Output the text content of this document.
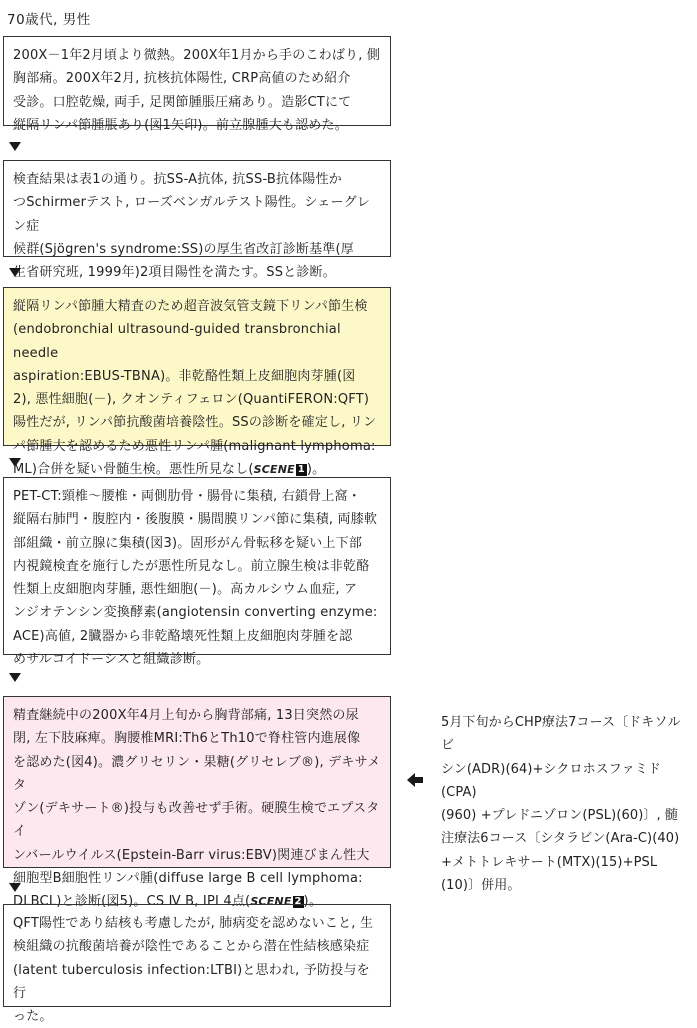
70歳代, 男性

200X－1年2月頃より微熱。200X年1月から手のこわばり, 側
胸部痛。200X年2月, 抗核抗体陽性, CRP高値のため紹介
受診。口腔乾燥, 両手, 足関節腫脹圧痛あり。造影CTにて
縦隔リンパ節腫脹あり(図1矢印)。前立腺腫大も認めた。

検査結果は表1の通り。抗SS-A抗体, 抗SS-B抗体陽性か
つSchirmerテスト, ローズベンガルテスト陽性。シェーグレン症
候群(Sjögren's syndrome:SS)の厚生省改訂診断基準(厚
生省研究班, 1999年)2項目陽性を満たす。SSと診断。

縦隔リンパ節腫大精査のため超音波気管支鏡下リンパ節生検
(endobronchial ultrasound-guided transbronchial needle
aspiration:EBUS-TBNA)。非乾酪性類上皮細胞肉芽腫(図
2), 悪性細胞(－), クオンティフェロン(QuantiFERON:QFT)
陽性だが, リンパ節抗酸菌培養陰性。SSの診断を確定し, リン
パ節腫大を認めるため悪性リンパ腫(malignant lymphoma:
ML)合併を疑い骨髄生検。悪性所見なし(SCENE 1 )。

PET-CT:頸椎～腰椎・両側肋骨・腸骨に集積, 右鎖骨上窩・
縦隔右肺門・腹腔内・後腹膜・腸間膜リンパ節に集積, 両膝軟
部組織・前立腺に集積(図3)。固形がん骨転移を疑い上下部
内視鏡検査を施行したが悪性所見なし。前立腺生検は非乾酪
性類上皮細胞肉芽腫, 悪性細胞(－)。高カルシウム血症, ア
ンジオテンシン変換酵素(angiotensin converting enzyme:
ACE)高値, 2臓器から非乾酪壊死性類上皮細胞肉芽腫を認
めサルコイドーシスと組織診断。

精査継続中の200X年4月上旬から胸背部痛, 13日突然の尿
閉, 左下肢麻痺。胸腰椎MRI:Th6とTh10で脊柱管内進展像
を認めた(図4)。濃グリセリン・果糖(グリセレブ®), デキサメタ
ゾン(デキサート®)投与も改善せず手術。硬膜生検でエプスタイ
ンバールウイルス(Epstein-Barr virus:EBV)関連びまん性大
細胞型B細胞性リンパ腫(diffuse large B cell lymphoma:
DLBCL)と診断(図5)。CS Ⅳ B, IPI 4点(SCENE 2 )。

QFT陽性であり結核も考慮したが, 肺病変を認めないこと, 生
検組織の抗酸菌培養が陰性であることから潜在性結核感染症
(latent tuberculosis infection:LTBI)と思われ, 予防投与を行
った。

5月下旬からCHP療法7コース〔ドキソルビ
シン(ADR)(64)+シクロホスファミド(CPA)
(960) +プレドニゾロン(PSL)(60)〕, 髄
注療法6コース〔シタラビン(Ara-C)(40)
+メトトレキサート(MTX)(15)+PSL
(10)〕併用。
